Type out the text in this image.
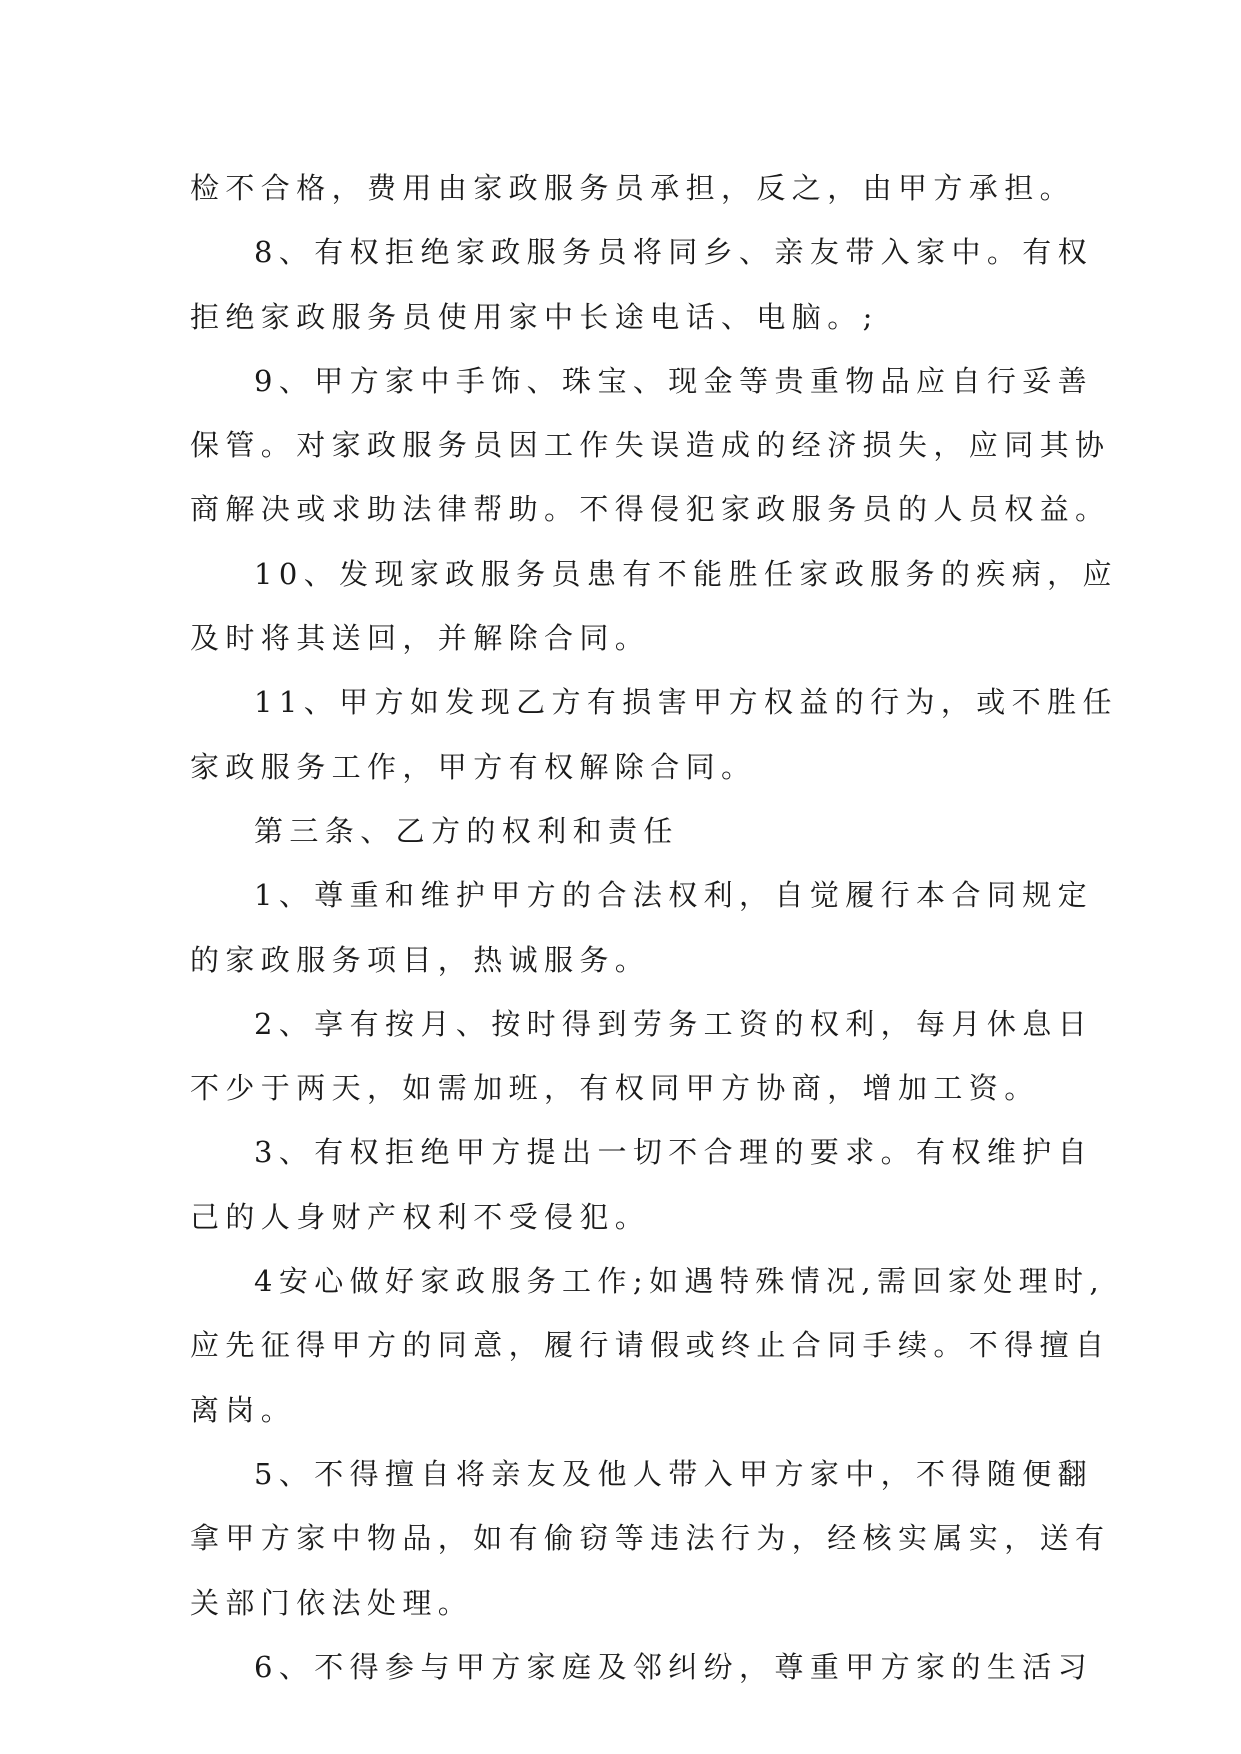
检不合格，费用由家政服务员承担，反之，由甲方承担。
8、有权拒绝家政服务员将同乡、亲友带入家中。有权
拒绝家政服务员使用家中长途电话、电脑。;
9、甲方家中手饰、珠宝、现金等贵重物品应自行妥善
保管。对家政服务员因工作失误造成的经济损失，应同其协
商解决或求助法律帮助。不得侵犯家政服务员的人员权益。
10、发现家政服务员患有不能胜任家政服务的疾病，应
及时将其送回，并解除合同。
11、甲方如发现乙方有损害甲方权益的行为，或不胜任
家政服务工作，甲方有权解除合同。
第三条、乙方的权利和责任
1、尊重和维护甲方的合法权利，自觉履行本合同规定
的家政服务项目，热诚服务。
2、享有按月、按时得到劳务工资的权利，每月休息日
不少于两天，如需加班，有权同甲方协商，增加工资。
3、有权拒绝甲方提出一切不合理的要求。有权维护自
己的人身财产权利不受侵犯。
4安心做好家政服务工作;如遇特殊情况,需回家处理时,
应先征得甲方的同意，履行请假或终止合同手续。不得擅自
离岗。
5、不得擅自将亲友及他人带入甲方家中，不得随便翻
拿甲方家中物品，如有偷窃等违法行为，经核实属实，送有
关部门依法处理。
6、不得参与甲方家庭及邻纠纷，尊重甲方家的生活习
